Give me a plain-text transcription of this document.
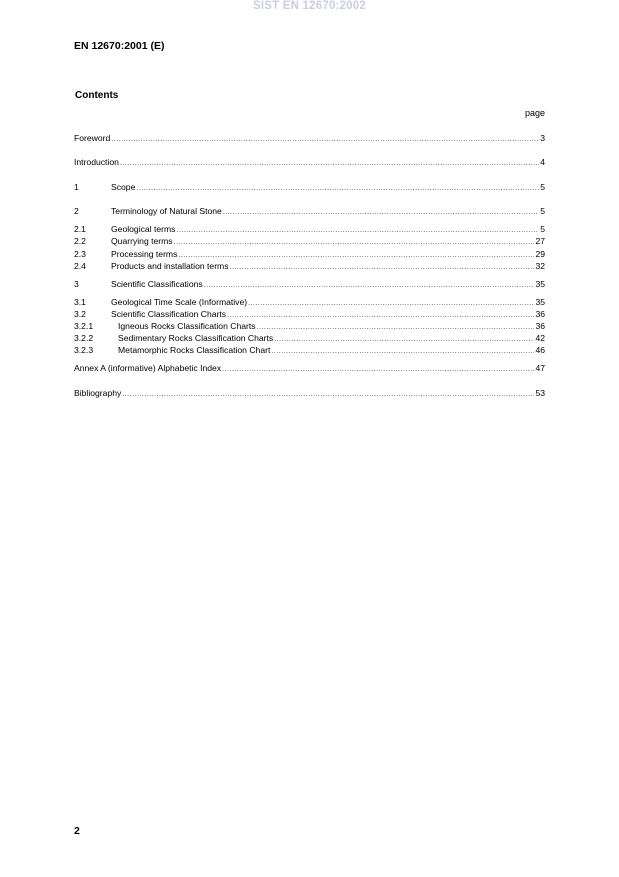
SIST EN 12670:2002
EN 12670:2001 (E)
Contents
page
Foreword .....	3
Introduction .....	4
1	Scope .....	5
2	Terminology of Natural Stone .....	5
2.1	Geological terms .....	5
2.2	Quarrying terms .....	27
2.3	Processing terms .....	29
2.4	Products and installation terms .....	32
3	Scientific Classifications .....	35
3.1	Geological Time Scale (Informative) .....	35
3.2	Scientific Classification Charts .....	36
3.2.1	Igneous Rocks Classification Charts .....	36
3.2.2	Sedimentary Rocks Classification Charts .....	42
3.2.3	Metamorphic Rocks Classification Chart .....	46
Annex A (informative) Alphabetic Index .....	47
Bibliography .....	53
2
